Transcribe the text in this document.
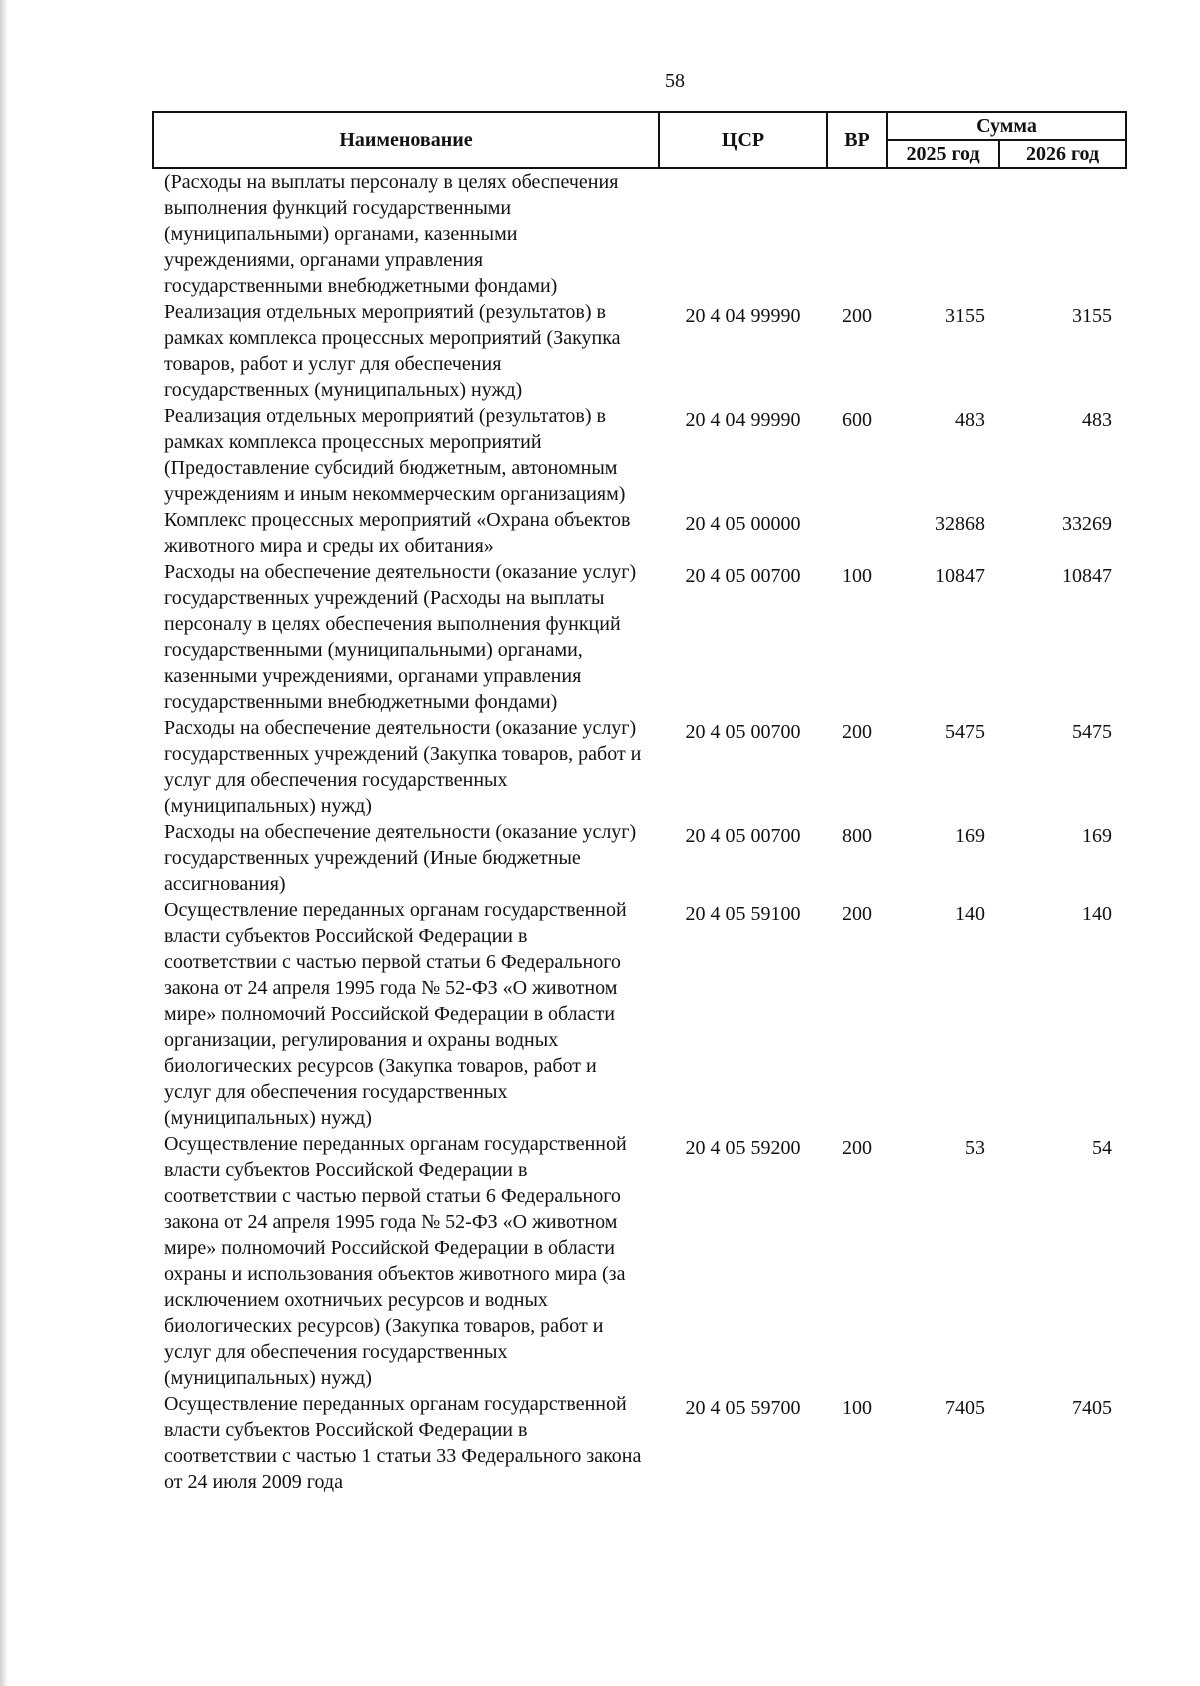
58
Наименование	ЦСР	ВР	Сумма	
			2025 год	2026 год
(Расходы на выплаты персоналу в целях обеспечения выполнения функций государственными (муниципальными) органами, казенными учреждениями, органами управления государственными внебюджетными фондами)				
Реализация отдельных мероприятий (результатов) в рамках комплекса процессных мероприятий (Закупка товаров, работ и услуг для обеспечения государственных (муниципальных) нужд)	20 4 04 99990	200	3155	3155
Реализация отдельных мероприятий (результатов) в рамках комплекса процессных мероприятий (Предоставление субсидий бюджетным, автономным учреждениям и иным некоммерческим организациям)	20 4 04 99990	600	483	483
Комплекс процессных мероприятий «Охрана объектов животного мира и среды их обитания»	20 4 05 00000		32868	33269
Расходы на обеспечение деятельности (оказание услуг) государственных учреждений (Расходы на выплаты персоналу в целях обеспечения выполнения функций государственными (муниципальными) органами, казенными учреждениями, органами управления государственными внебюджетными фондами)	20 4 05 00700	100	10847	10847
Расходы на обеспечение деятельности (оказание услуг) государственных учреждений (Закупка товаров, работ и услуг для обеспечения государственных (муниципальных) нужд)	20 4 05 00700	200	5475	5475
Расходы на обеспечение деятельности (оказание услуг) государственных учреждений (Иные бюджетные ассигнования)	20 4 05 00700	800	169	169
Осуществление переданных органам государственной власти субъектов Российской Федерации в соответствии с частью первой статьи 6 Федерального закона от 24 апреля 1995 года № 52-ФЗ «О животном мире» полномочий Российской Федерации в области организации, регулирования и охраны водных биологических ресурсов (Закупка товаров, работ и услуг для обеспечения государственных (муниципальных) нужд)	20 4 05 59100	200	140	140
Осуществление переданных органам государственной власти субъектов Российской Федерации в соответствии с частью первой статьи 6 Федерального закона от 24 апреля 1995 года № 52-ФЗ «О животном мире» полномочий Российской Федерации в области охраны и использования объектов животного мира (за исключением охотничьих ресурсов и водных биологических ресурсов) (Закупка товаров, работ и услуг для обеспечения государственных (муниципальных) нужд)	20 4 05 59200	200	53	54
Осуществление переданных органам государственной власти субъектов Российской Федерации в соответствии с частью 1 статьи 33 Федерального закона от 24 июля 2009 года	20 4 05 59700	100	7405	7405
